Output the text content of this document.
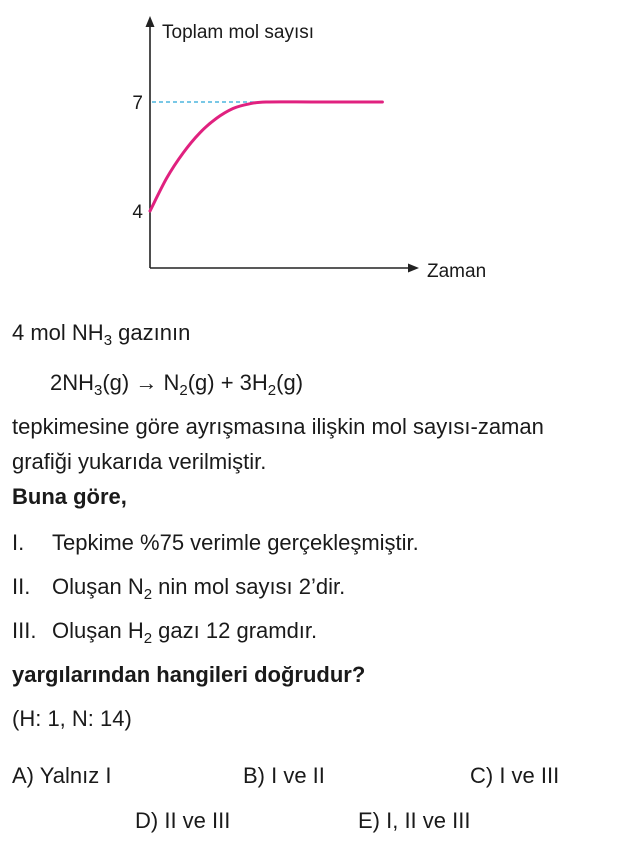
Toplam mol sayısı
Zaman
4
7
4 mol $NH_3$ gazının
$2NH_3(g) \to N_2(g) + 3H_2(g)$
tepkimesine göre ayrışmasına ilişkin mol sayısı-zaman
grafiği yukarıda verilmiştir.
Buna göre,
I. Tepkime %75 verimle gerçekleşmiştir.
II. Oluşan $N_2$ nin mol sayısı 2’dir.
III. Oluşan $H_2$ gazı 12 gramdır.
yargılarından hangileri doğrudur?
(H: 1, N: 14)
A) Yalnız I	B) I ve II	C) I ve III
D) II ve III	E) I, II ve III
